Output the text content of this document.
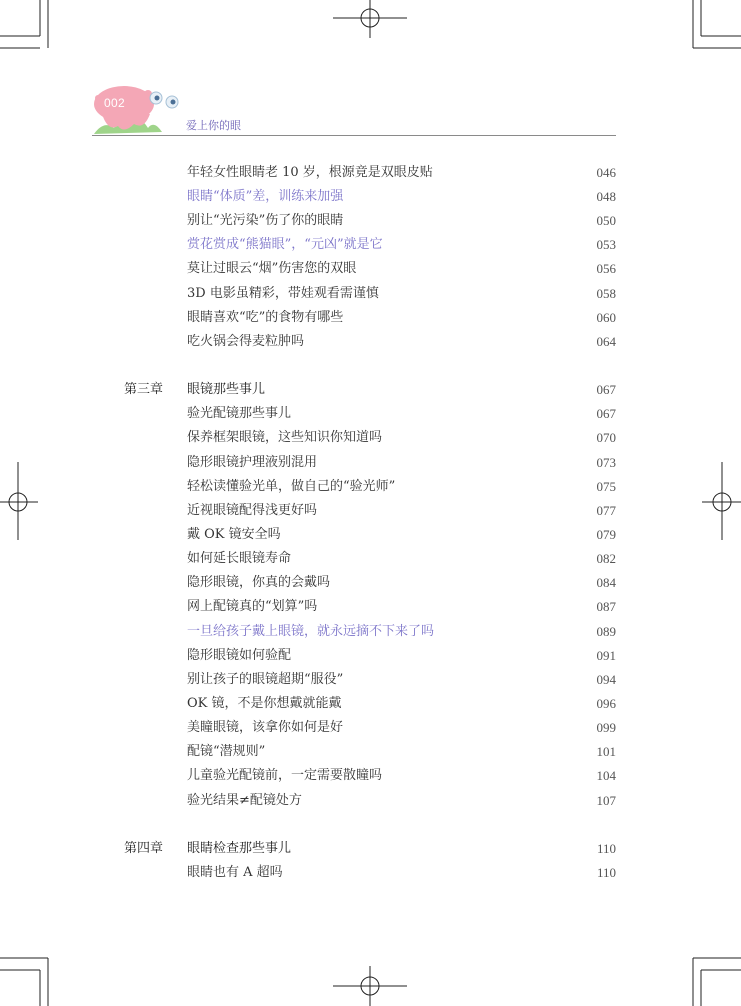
002
爱上你的眼
年轻女性眼睛老 10 岁，根源竟是双眼皮贴	046
眼睛“体质”差，训练来加强	048
别让“光污染”伤了你的眼睛	050
赏花赏成“熊猫眼”，“元凶”就是它	053
莫让过眼云“烟”伤害您的双眼	056
3D 电影虽精彩，带娃观看需谨慎	058
眼睛喜欢“吃”的食物有哪些	060
吃火锅会得麦粒肿吗	064
第三章 眼镜那些事儿	067
验光配镜那些事儿	067
保养框架眼镜，这些知识你知道吗	070
隐形眼镜护理液别混用	073
轻松读懂验光单，做自己的“验光师”	075
近视眼镜配得浅更好吗	077
戴 OK 镜安全吗	079
如何延长眼镜寿命	082
隐形眼镜，你真的会戴吗	084
网上配镜真的“划算”吗	087
一旦给孩子戴上眼镜，就永远摘不下来了吗	089
隐形眼镜如何验配	091
别让孩子的眼镜超期“服役”	094
OK 镜，不是你想戴就能戴	096
美瞳眼镜，该拿你如何是好	099
配镜“潜规则”	101
儿童验光配镜前，一定需要散瞳吗	104
验光结果≠配镜处方	107
第四章 眼睛检查那些事儿	110
眼睛也有 A 超吗	110
